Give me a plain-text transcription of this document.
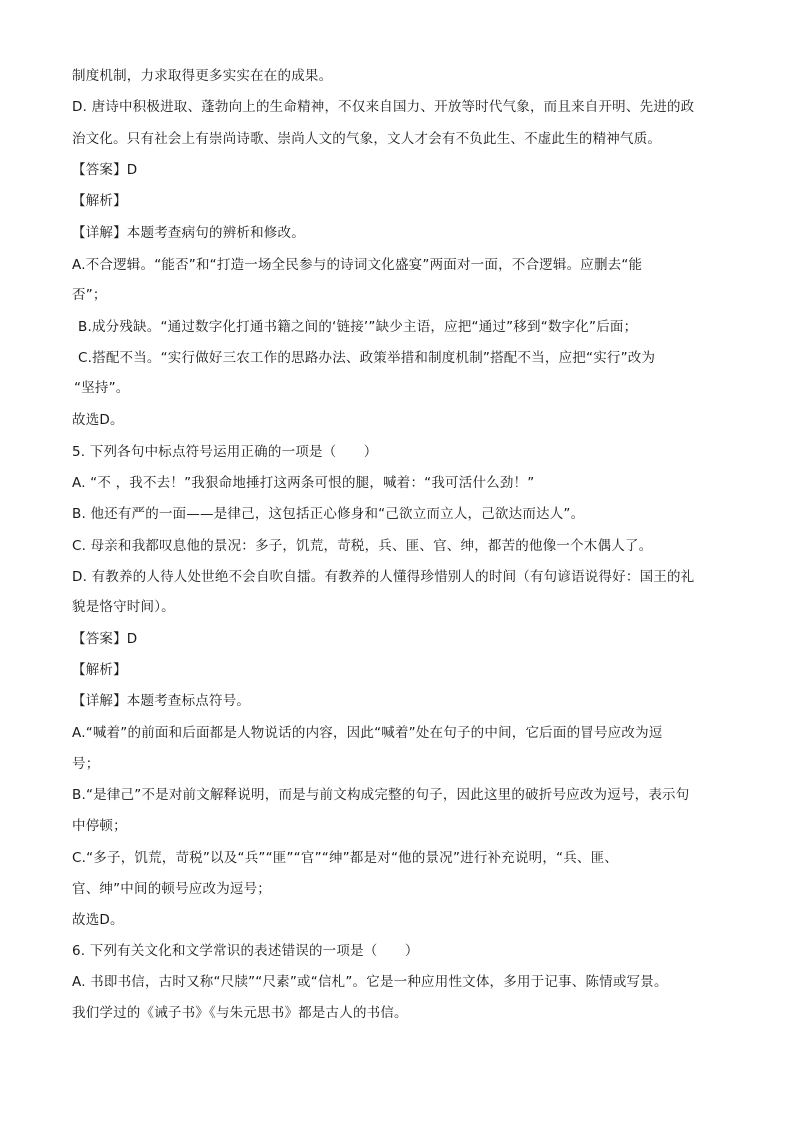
制度机制，力求取得更多实实在在的成果。
D. 唐诗中积极进取、蓬勃向上的生命精神，不仅来自国力、开放等时代气象，而且来自开明、先进的政
治文化。只有社会上有崇尚诗歌、崇尚人文的气象，文人才会有不负此生、不虚此生的精神气质。
【答案】D
【解析】
【详解】本题考查病句的辨析和修改。
A.不合逻辑。“能否”和“打造一场全民参与的诗词文化盛宴”两面对一面，不合逻辑。应删去“能
否”；
B.成分残缺。“通过数字化打通书籍之间的‘链接’”缺少主语，应把“通过”移到“数字化”后面；
C.搭配不当。“实行做好三农工作的思路办法、政策举措和制度机制”搭配不当，应把“实行”改为
“坚持”。
故选D。
5. 下列各句中标点符号运用正确的一项是（　　）
A. “不 ，我不去！”我狠命地捶打这两条可恨的腿，喊着：“我可活什么劲！”
B. 他还有严的一面——是律己，这包括正心修身和“己欲立而立人，己欲达而达人”。
C. 母亲和我都叹息他的景况：多子，饥荒，苛税，兵、匪、官、绅，都苦的他像一个木偶人了。
D. 有教养的人待人处世绝不会自吹自擂。有教养的人懂得珍惜别人的时间（有句谚语说得好：国王的礼
貌是恪守时间）。
【答案】D
【解析】
【详解】本题考查标点符号。
A.“喊着”的前面和后面都是人物说话的内容，因此“喊着”处在句子的中间，它后面的冒号应改为逗
号；
B.“是律己”不是对前文解释说明，而是与前文构成完整的句子，因此这里的破折号应改为逗号，表示句
中停顿；
C.“多子，饥荒，苛税”以及“兵”“匪”“官”“绅”都是对“他的景况”进行补充说明，“兵、匪、
官、绅”中间的顿号应改为逗号；
故选D。
6. 下列有关文化和文学常识的表述错误的一项是（　　）
A. 书即书信，古时又称“尺牍”“尺素”或“信札”。它是一种应用性文体，多用于记事、陈情或写景。
我们学过的《诫子书》《与朱元思书》都是古人的书信。
